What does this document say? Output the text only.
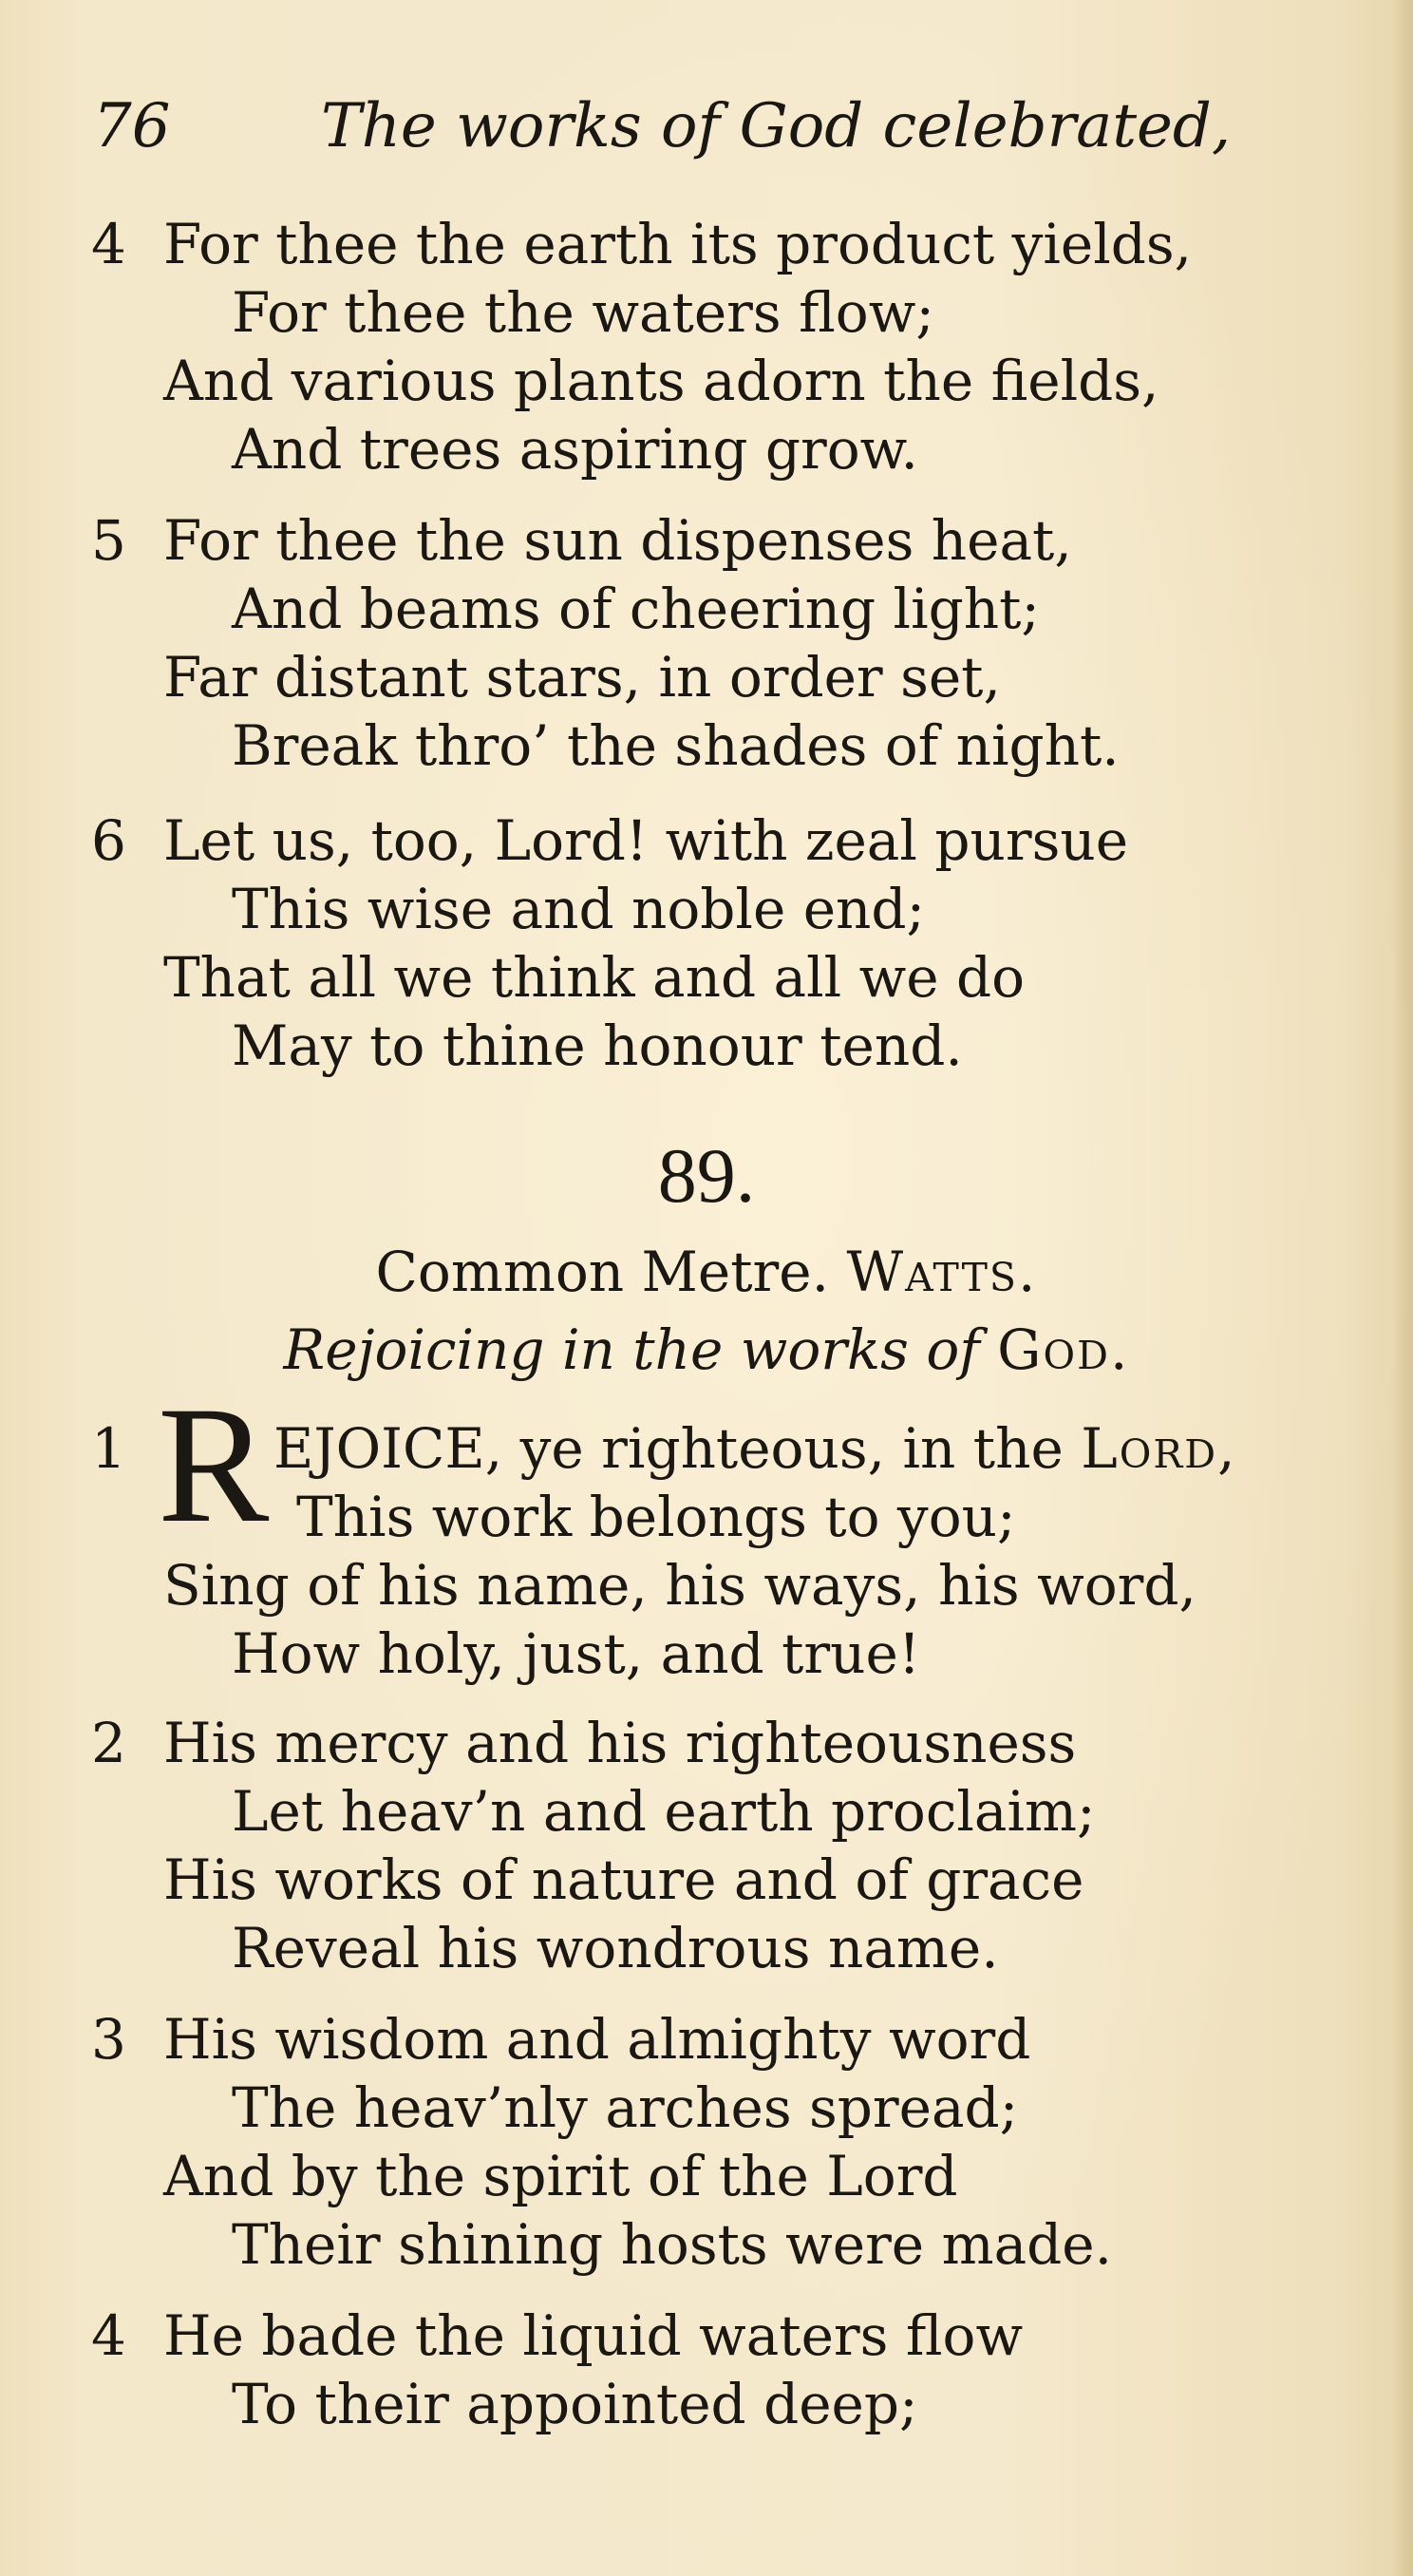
76 The works of God celebrated,
4 For thee the earth its product yields,
For thee the waters flow;
And various plants adorn the fields,
And trees aspiring grow.
5 For thee the sun dispenses heat,
And beams of cheering light;
Far distant stars, in order set,
Break thro’ the shades of night.
6 Let us, too, Lord! with zeal pursue
This wise and noble end;
That all we think and all we do
May to thine honour tend.
89.
Common Metre. Watts.
Rejoicing in the works of God.
1 R EJOICE, ye righteous, in the Lord,
This work belongs to you;
Sing of his name, his ways, his word,
How holy, just, and true!
2 His mercy and his righteousness
Let heav’n and earth proclaim;
His works of nature and of grace
Reveal his wondrous name.
3 His wisdom and almighty word
The heav’nly arches spread;
And by the spirit of the Lord
Their shining hosts were made.
4 He bade the liquid waters flow
To their appointed deep;
